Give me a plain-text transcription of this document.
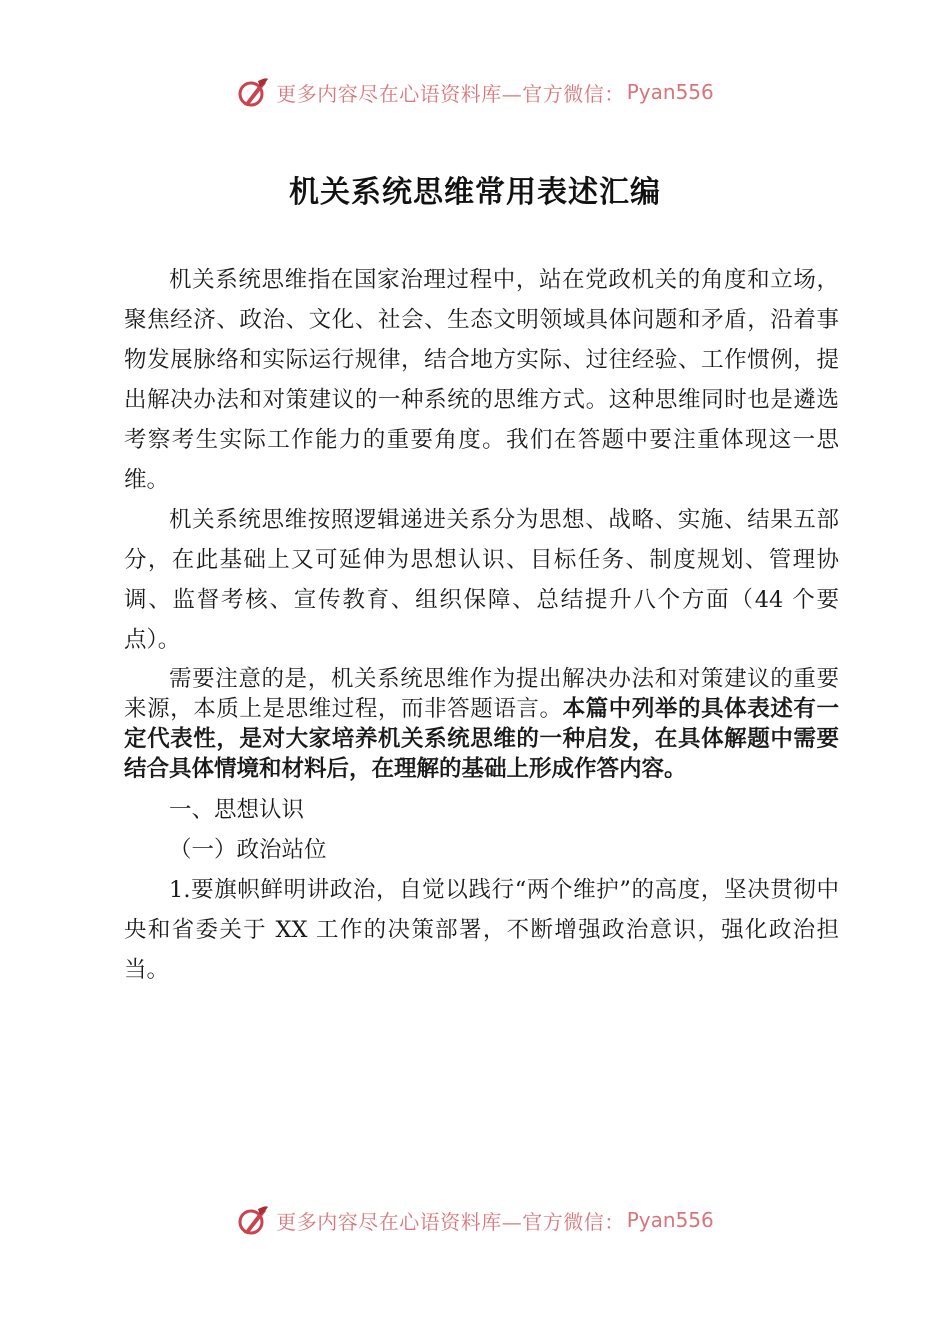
更多内容尽在心语资料库—官方微信： Pyan556
机关系统思维常用表述汇编

机关系统思维指在国家治理过程中，站在党政机关的角度和立场，聚焦经济、政治、文化、社会、生态文明领域具体问题和矛盾，沿着事物发展脉络和实际运行规律，结合地方实际、过往经验、工作惯例，提出解决办法和对策建议的一种系统的思维方式。这种思维同时也是遴选考察考生实际工作能力的重要角度。我们在答题中要注重体现这一思维。

机关系统思维按照逻辑递进关系分为思想、战略、实施、结果五部分，在此基础上又可延伸为思想认识、目标任务、制度规划、管理协调、监督考核、宣传教育、组织保障、总结提升八个方面（44 个要点）。

需要注意的是，机关系统思维作为提出解决办法和对策建议的重要来源，本质上是思维过程，而非答题语言。本篇中列举的具体表述有一定代表性，是对大家培养机关系统思维的一种启发，在具体解题中需要结合具体情境和材料后，在理解的基础上形成作答内容。

一、思想认识

（一）政治站位

1.要旗帜鲜明讲政治，自觉以践行“两个维护”的高度，坚决贯彻中央和省委关于 XX 工作的决策部署，不断增强政治意识，强化政治担当。

更多内容尽在心语资料库—官方微信： Pyan556
